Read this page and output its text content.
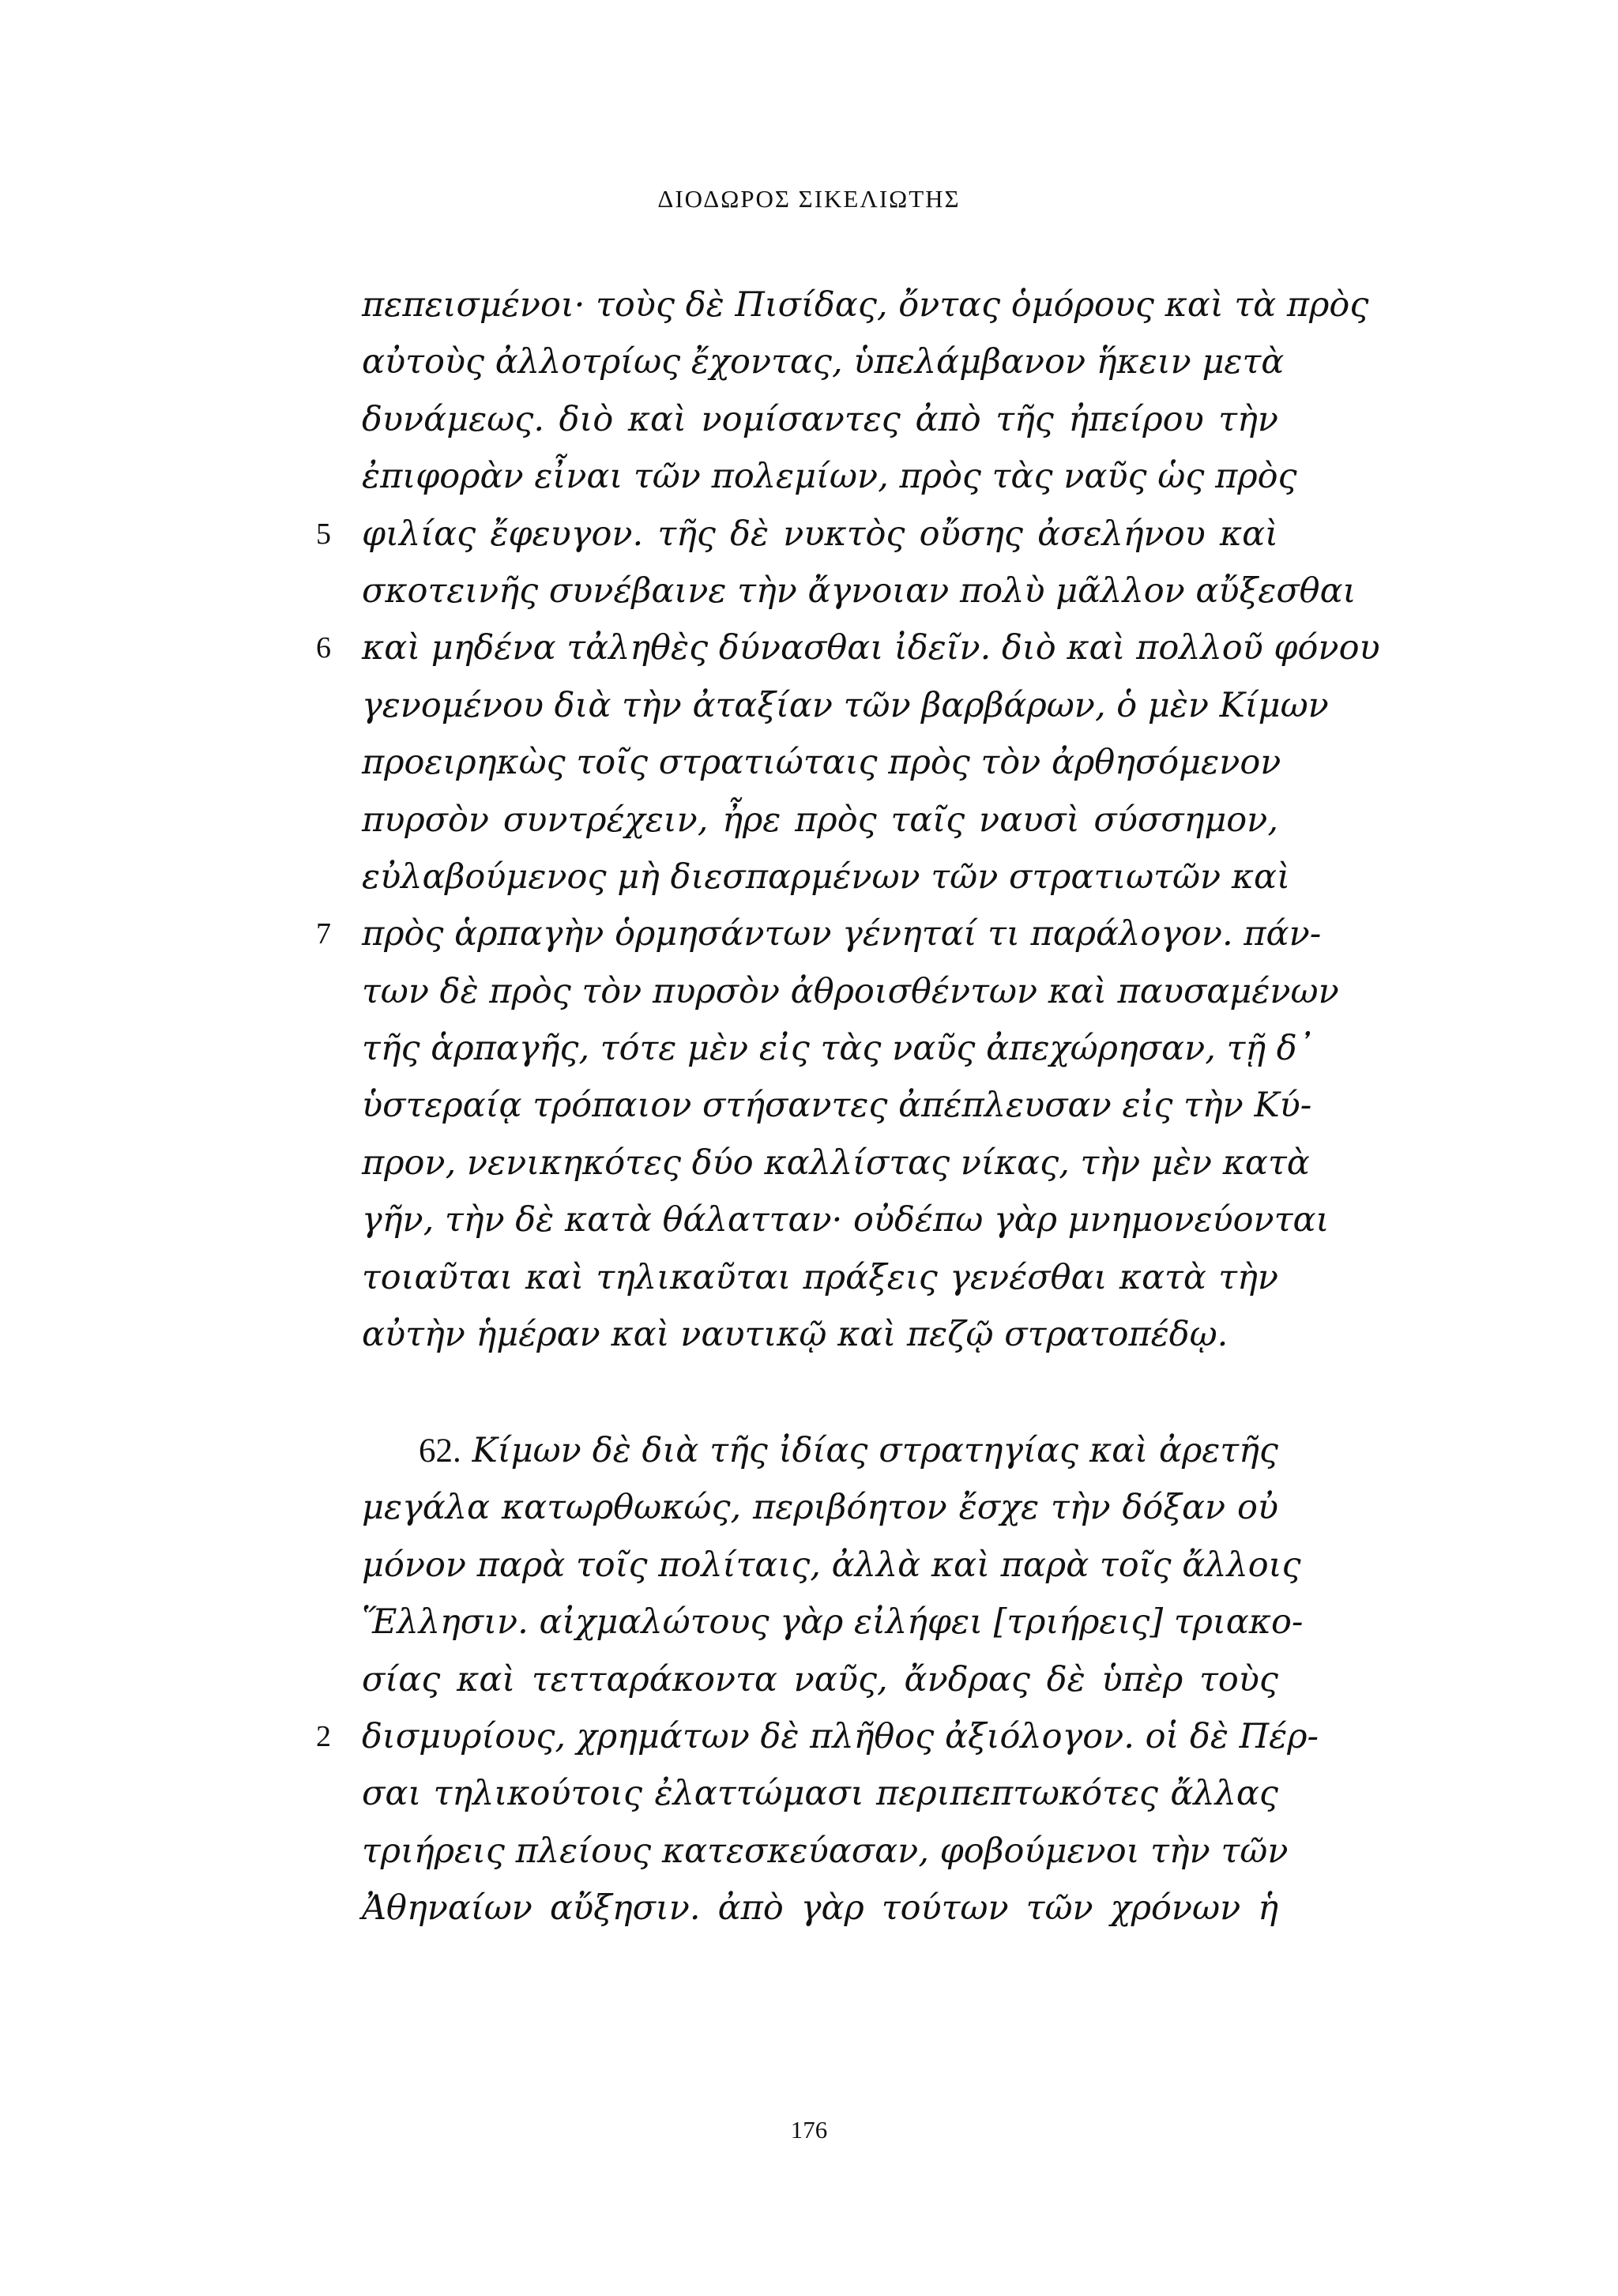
ΔΙΟΔΩΡΟΣ ΣΙΚΕΛΙΩΤΗΣ
πεπεισμένοι· τοὺς δὲ Πισίδας, ὄντας ὁμόρους καὶ τὰ πρὸς
αὐτοὺς ἀλλοτρίως ἔχοντας, ὑπελάμβανον ἥκειν μετὰ
δυνάμεως. διὸ καὶ νομίσαντες ἀπὸ τῆς ἠπείρου τὴν
ἐπιφορὰν εἶναι τῶν πολεμίων, πρὸς τὰς ναῦς ὡς πρὸς
5 φιλίας ἔφευγον. τῆς δὲ νυκτὸς οὔσης ἀσελήνου καὶ
σκοτεινῆς συνέβαινε τὴν ἄγνοιαν πολὺ μᾶλλον αὔξεσθαι
6 καὶ μηδένα τἀληθὲς δύνασθαι ἰδεῖν. διὸ καὶ πολλοῦ φόνου
γενομένου διὰ τὴν ἀταξίαν τῶν βαρβάρων, ὁ μὲν Κίμων
προειρηκὼς τοῖς στρατιώταις πρὸς τὸν ἀρθησόμενον
πυρσὸν συντρέχειν, ἦρε πρὸς ταῖς ναυσὶ σύσσημον,
εὐλαβούμενος μὴ διεσπαρμένων τῶν στρατιωτῶν καὶ
7 πρὸς ἁρπαγὴν ὁρμησάντων γένηταί τι παράλογον. πάν-
των δὲ πρὸς τὸν πυρσὸν ἀθροισθέντων καὶ παυσαμένων
τῆς ἁρπαγῆς, τότε μὲν εἰς τὰς ναῦς ἀπεχώρησαν, τῇ δ᾽
ὑστεραίᾳ τρόπαιον στήσαντες ἀπέπλευσαν εἰς τὴν Κύ-
προν, νενικηκότες δύο καλλίστας νίκας, τὴν μὲν κατὰ
γῆν, τὴν δὲ κατὰ θάλατταν· οὐδέπω γὰρ μνημονεύονται
τοιαῦται καὶ τηλικαῦται πράξεις γενέσθαι κατὰ τὴν
αὐτὴν ἡμέραν καὶ ναυτικῷ καὶ πεζῷ στρατοπέδῳ.
62. Κίμων δὲ διὰ τῆς ἰδίας στρατηγίας καὶ ἀρετῆς
μεγάλα κατωρθωκώς, περιβόητον ἔσχε τὴν δόξαν οὐ
μόνον παρὰ τοῖς πολίταις, ἀλλὰ καὶ παρὰ τοῖς ἄλλοις
Ἕλλησιν. αἰχμαλώτους γὰρ εἰλήφει [τριήρεις] τριακο-
σίας καὶ τετταράκοντα ναῦς, ἄνδρας δὲ ὑπὲρ τοὺς
2 δισμυρίους, χρημάτων δὲ πλῆθος ἀξιόλογον. οἱ δὲ Πέρ-
σαι τηλικούτοις ἐλαττώμασι περιπεπτωκότες ἄλλας
τριήρεις πλείους κατεσκεύασαν, φοβούμενοι τὴν τῶν
Ἀθηναίων αὔξησιν. ἀπὸ γὰρ τούτων τῶν χρόνων ἡ
176
